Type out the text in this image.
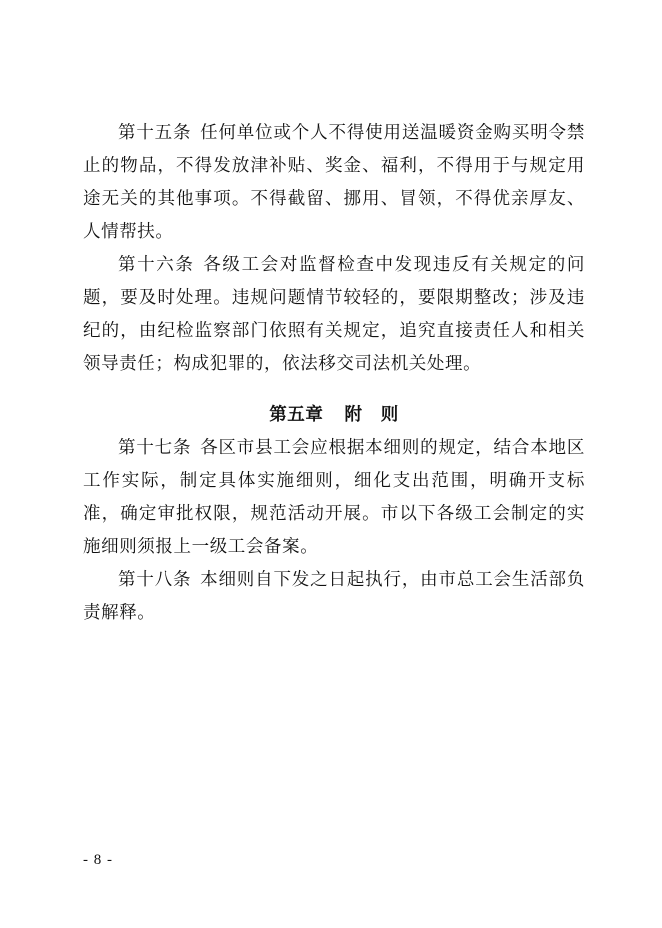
第十五条 任何单位或个人不得使用送温暖资金购买明令禁止的物品，不得发放津补贴、奖金、福利，不得用于与规定用途无关的其他事项。不得截留、挪用、冒领，不得优亲厚友、人情帮扶。

第十六条 各级工会对监督检查中发现违反有关规定的问题，要及时处理。违规问题情节较轻的，要限期整改；涉及违纪的，由纪检监察部门依照有关规定，追究直接责任人和相关领导责任；构成犯罪的，依法移交司法机关处理。

第五章 附　则

第十七条 各区市县工会应根据本细则的规定，结合本地区工作实际，制定具体实施细则，细化支出范围，明确开支标准，确定审批权限，规范活动开展。市以下各级工会制定的实施细则须报上一级工会备案。

第十八条 本细则自下发之日起执行，由市总工会生活部负责解释。

- 8 -
